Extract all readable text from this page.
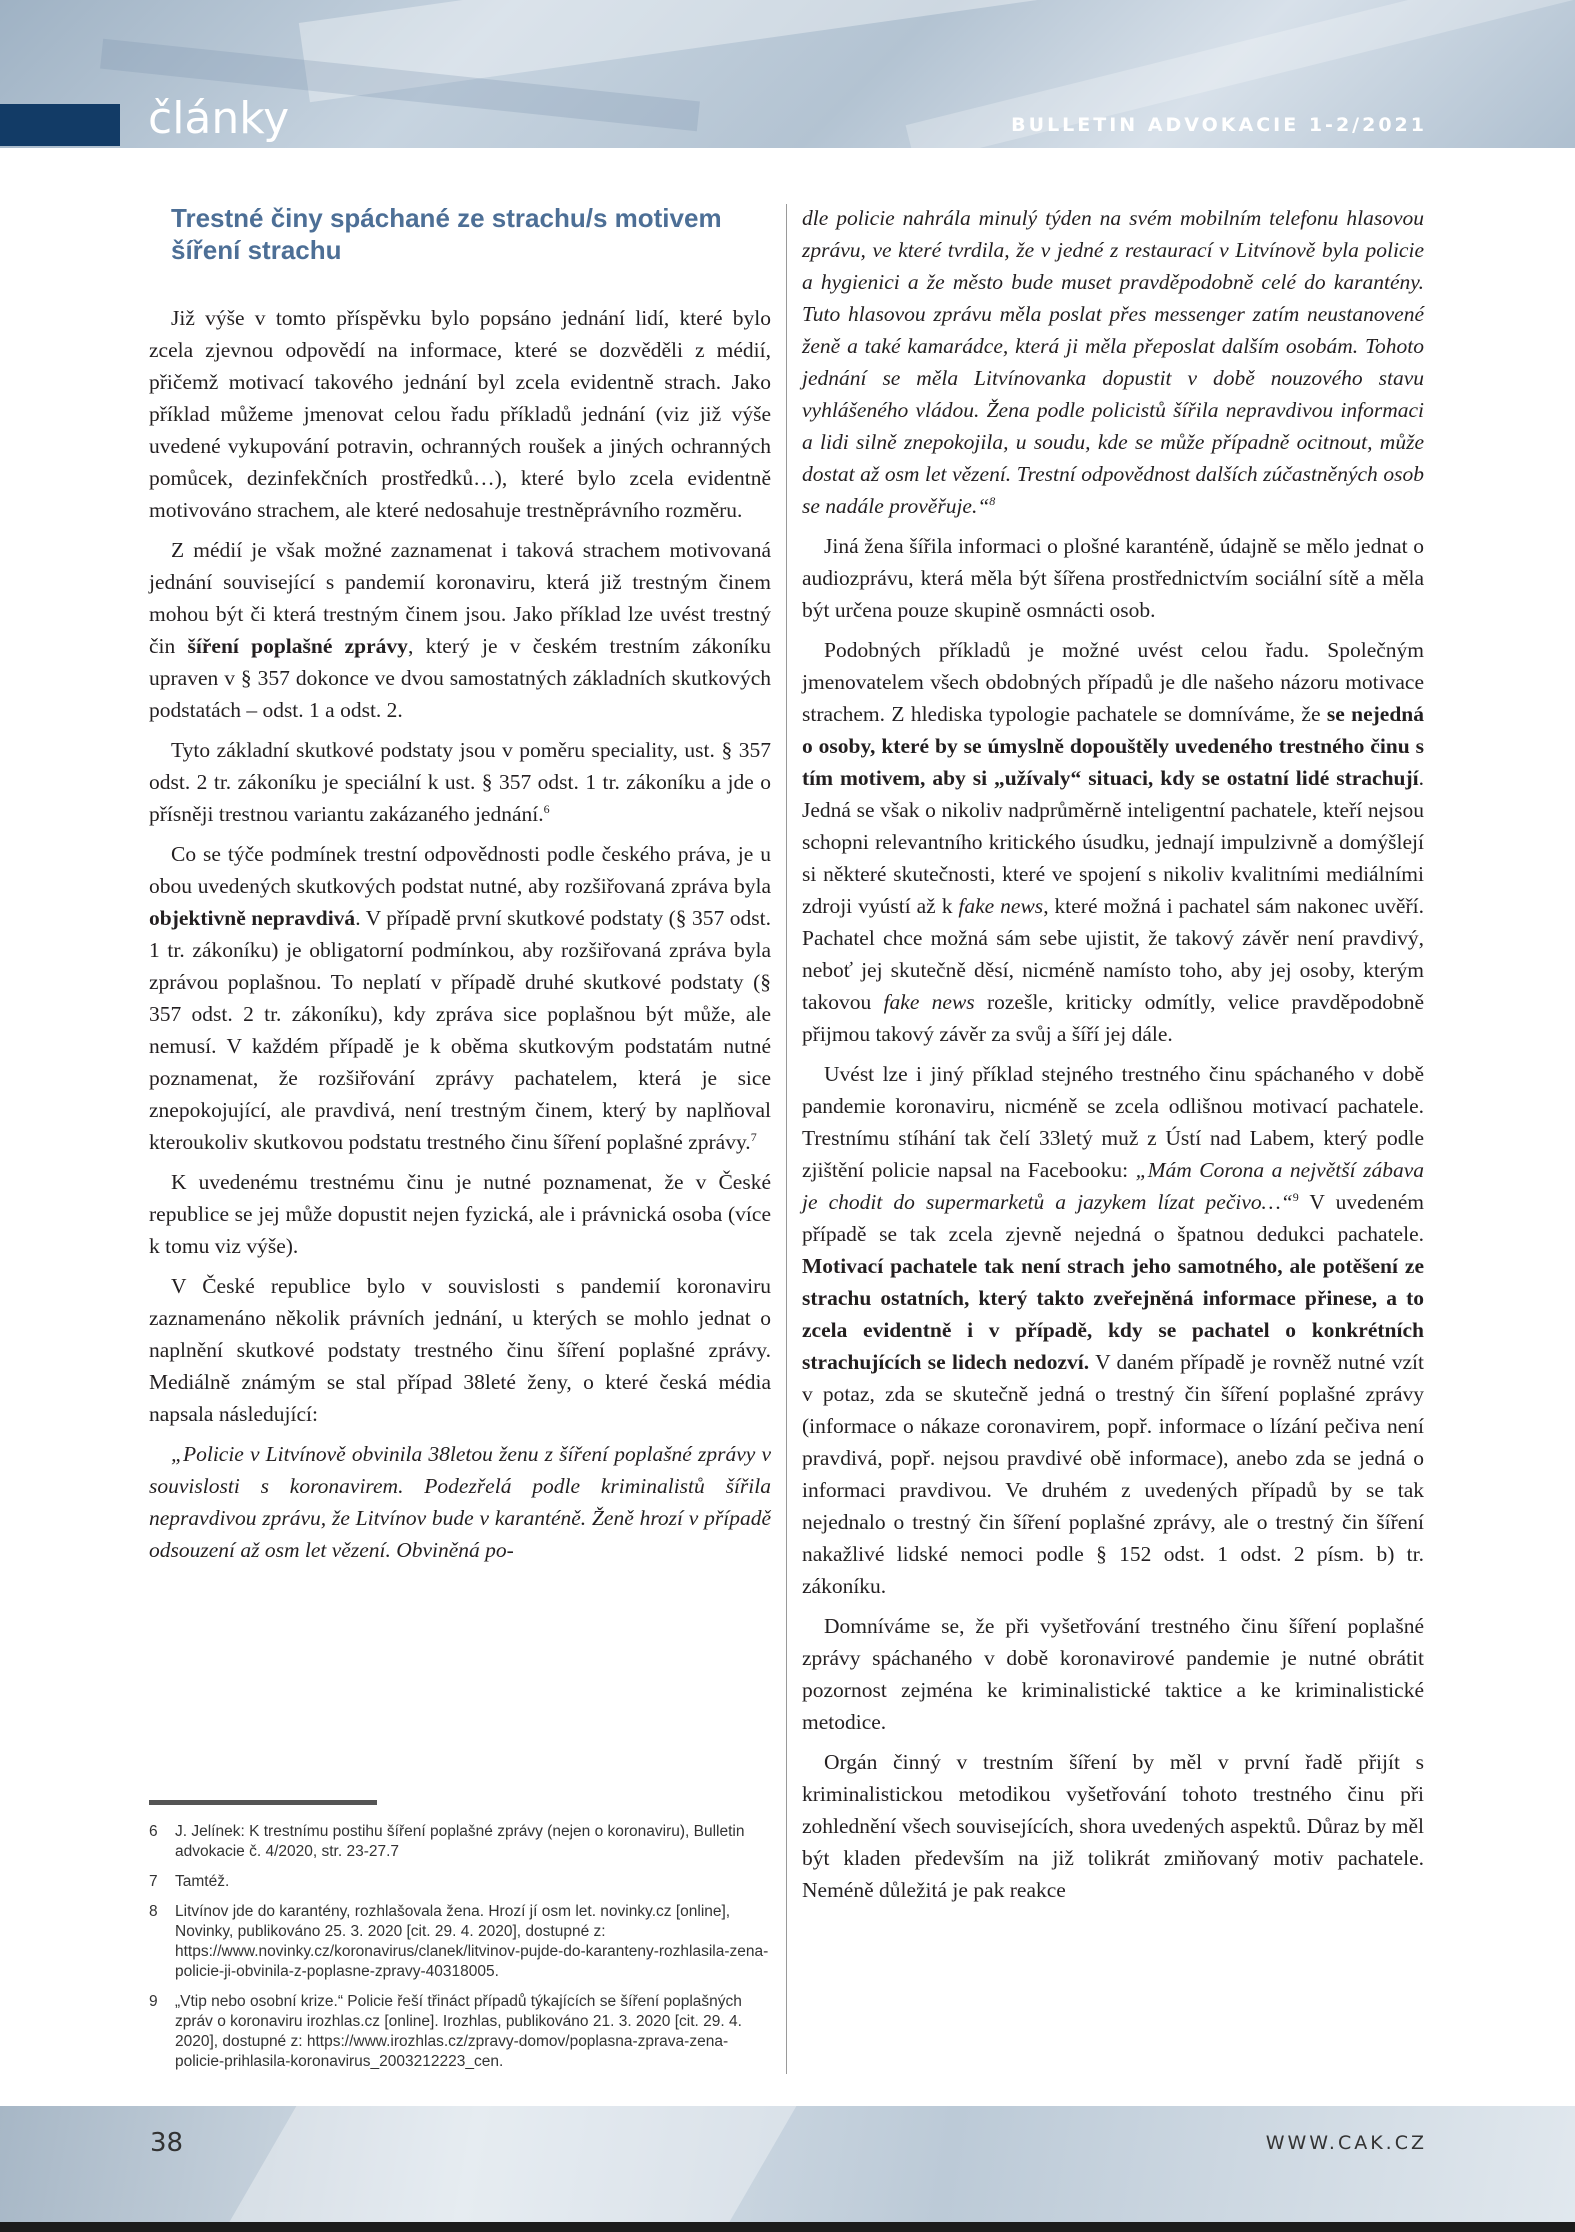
články	BULLETIN ADVOKACIE 1-2/2021
Trestné činy spáchané ze strachu/s motivem šíření strachu

Již výše v tomto příspěvku bylo popsáno jednání lidí, které bylo zcela zjevnou odpovědí na informace, které se dozvěděli z médií, přičemž motivací takového jednání byl zcela evidentně strach. Jako příklad můžeme jmenovat celou řadu příkladů jednání (viz již výše uvedené vykupování potravin, ochranných roušek a jiných ochranných pomůcek, dezinfekčních prostředků…), které bylo zcela evidentně motivováno strachem, ale které nedosahuje trestněprávního rozměru.

Z médií je však možné zaznamenat i taková strachem motivovaná jednání související s pandemií koronaviru, která již trestným činem mohou být či která trestným činem jsou. Jako příklad lze uvést trestný čin šíření poplašné zprávy, který je v českém trestním zákoníku upraven v § 357 dokonce ve dvou samostatných základních skutkových podstatách – odst. 1 a odst. 2.

Tyto základní skutkové podstaty jsou v poměru speciality, ust. § 357 odst. 2 tr. zákoníku je speciální k ust. § 357 odst. 1 tr. zákoníku a jde o přísněji trestnou variantu zakázaného jednání.$^6$

Co se týče podmínek trestní odpovědnosti podle českého práva, je u obou uvedených skutkových podstat nutné, aby rozšiřovaná zpráva byla objektivně nepravdivá. V případě první skutkové podstaty (§ 357 odst. 1 tr. zákoníku) je obligatorní podmínkou, aby rozšiřovaná zpráva byla zprávou poplašnou. To neplatí v případě druhé skutkové podstaty (§ 357 odst. 2 tr. zákoníku), kdy zpráva sice poplašnou být může, ale nemusí. V každém případě je k oběma skutkovým podstatám nutné poznamenat, že rozšiřování zprávy pachatelem, která je sice znepokojující, ale pravdivá, není trestným činem, který by naplňoval kteroukoliv skutkovou podstatu trestného činu šíření poplašné zprávy.$^7$

K uvedenému trestnému činu je nutné poznamenat, že v České republice se jej může dopustit nejen fyzická, ale i právnická osoba (více k tomu viz výše).

V České republice bylo v souvislosti s pandemií koronaviru zaznamenáno několik právních jednání, u kterých se mohlo jednat o naplnění skutkové podstaty trestného činu šíření poplašné zprávy. Mediálně známým se stal případ 38leté ženy, o které česká média napsala následující:

„Policie v Litvínově obvinila 38letou ženu z šíření poplašné zprávy v souvislosti s koronavirem. Podezřelá podle kriminalistů šířila nepravdivou zprávu, že Litvínov bude v karanténě. Ženě hrozí v případě odsouzení až osm let vězení. Obviněná po-

dle policie nahrála minulý týden na svém mobilním telefonu hlasovou zprávu, ve které tvrdila, že v jedné z restaurací v Litvínově byla policie a hygienici a že město bude muset pravděpodobně celé do karantény. Tuto hlasovou zprávu měla poslat přes messenger zatím neustanovené ženě a také kamarádce, která ji měla přeposlat dalším osobám. Tohoto jednání se měla Litvínovanka dopustit v době nouzového stavu vyhlášeného vládou. Žena podle policistů šířila nepravdivou informaci a lidi silně znepokojila, u soudu, kde se může případně ocitnout, může dostat až osm let vězení. Trestní odpovědnost dalších zúčastněných osob se nadále prověřuje.“$^8$

Jiná žena šířila informaci o plošné karanténě, údajně se mělo jednat o audiozprávu, která měla být šířena prostřednictvím sociální sítě a měla být určena pouze skupině osmnácti osob.

Podobných příkladů je možné uvést celou řadu. Společným jmenovatelem všech obdobných případů je dle našeho názoru motivace strachem. Z hlediska typologie pachatele se domníváme, že se nejedná o osoby, které by se úmyslně dopouštěly uvedeného trestného činu s tím motivem, aby si „užívaly“ situaci, kdy se ostatní lidé strachují. Jedná se však o nikoliv nadprůměrně inteligentní pachatele, kteří nejsou schopni relevantního kritického úsudku, jednají impulzivně a domýšlejí si některé skutečnosti, které ve spojení s nikoliv kvalitními mediálními zdroji vyústí až k fake news, které možná i pachatel sám nakonec uvěří. Pachatel chce možná sám sebe ujistit, že takový závěr není pravdivý, neboť jej skutečně děsí, nicméně namísto toho, aby jej osoby, kterým takovou fake news rozešle, kriticky odmítly, velice pravděpodobně přijmou takový závěr za svůj a šíří jej dále.

Uvést lze i jiný příklad stejného trestného činu spáchaného v době pandemie koronaviru, nicméně se zcela odlišnou motivací pachatele. Trestnímu stíhání tak čelí 33letý muž z Ústí nad Labem, který podle zjištění policie napsal na Facebooku: „Mám Corona a největší zábava je chodit do supermarketů a jazykem lízat pečivo…“$^9$ V uvedeném případě se tak zcela zjevně nejedná o špatnou dedukci pachatele. Motivací pachatele tak není strach jeho samotného, ale potěšení ze strachu ostatních, který takto zveřejněná informace přinese, a to zcela evidentně i v případě, kdy se pachatel o konkrétních strachujících se lidech nedozví. V daném případě je rovněž nutné vzít v potaz, zda se skutečně jedná o trestný čin šíření poplašné zprávy (informace o nákaze coronavirem, popř. informace o lízání pečiva není pravdivá, popř. nejsou pravdivé obě informace), anebo zda se jedná o informaci pravdivou. Ve druhém z uvedených případů by se tak nejednalo o trestný čin šíření poplašné zprávy, ale o trestný čin šíření nakažlivé lidské nemoci podle § 152 odst. 1 odst. 2 písm. b) tr. zákoníku.

Domníváme se, že při vyšetřování trestného činu šíření poplašné zprávy spáchaného v době koronavirové pandemie je nutné obrátit pozornost zejména ke kriminalistické taktice a ke kriminalistické metodice.

Orgán činný v trestním šíření by měl v první řadě přijít s kriminalistickou metodikou vyšetřování tohoto trestného činu při zohlednění všech souvisejících, shora uvedených aspektů. Důraz by měl být kladen především na již tolikrát zmiňovaný motiv pachatele. Neméně důležitá je pak reakce

6	J. Jelínek: K trestnímu postihu šíření poplašné zprávy (nejen o koronaviru), Bulletin advokacie č. 4/2020, str. 23-27.7
7	Tamtéž.
8	Litvínov jde do karantény, rozhlašovala žena. Hrozí jí osm let. novinky.cz [online], Novinky, publikováno 25. 3. 2020 [cit. 29. 4. 2020], dostupné z: https://www.novinky.cz/koronavirus/clanek/litvinov-pujde-do-karanteny-rozhlasila-zena-policie-ji-obvinila-z-poplasne-zpravy-40318005.
9	„Vtip nebo osobní krize.“ Policie řeší třináct případů týkajících se šíření poplašných zpráv o koronaviru irozhlas.cz [online]. Irozhlas, publikováno 21. 3. 2020 [cit. 29. 4. 2020], dostupné z: https://www.irozhlas.cz/zpravy-domov/poplasna-zprava-zena-policie-prihlasila-koronavirus_2003212223_cen.
38	WWW.CAK.CZ
